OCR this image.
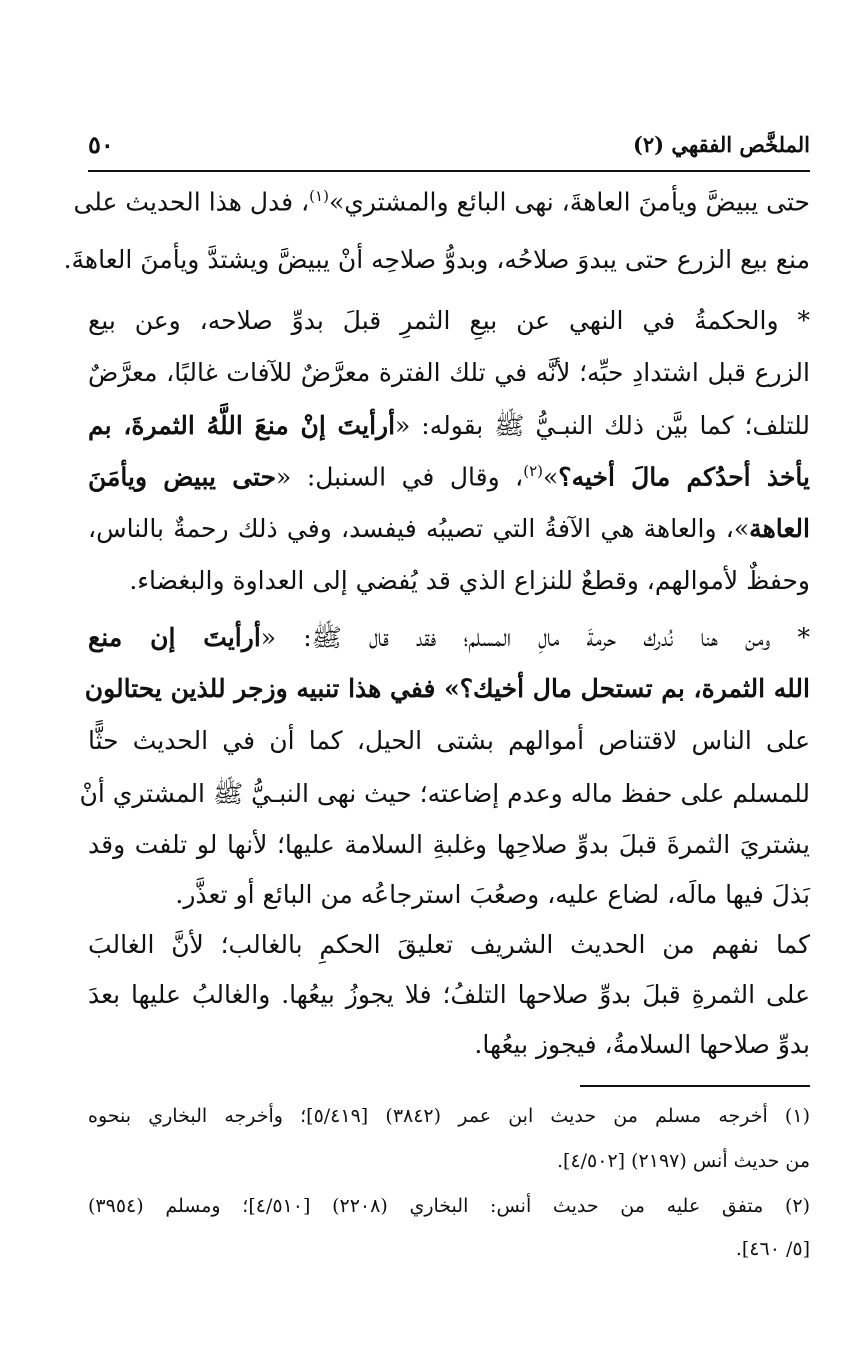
الملخَّص الفقهي (٢)
٥٠
حتى يبيضَّ ويأمنَ العاهةَ، نهى البائع والمشتري»$^{(١)}$، فدل هذا الحديث على
منع بيع الزرع حتى يبدوَ صلاحُه، وبدوُّ صلاحِه أنْ يبيضَّ ويشتدَّ ويأمنَ العاهةَ.
* والحكمةُ في النهي عن بيعِ الثمرِ قبلَ بدوِّ صلاحه، وعن بيع
الزرع قبل اشتدادِ حبِّه؛ لأنَّه في تلك الفترة معرَّضٌ للآفات غالبًا، معرَّضٌ
للتلف؛ كما بيَّن ذلك النبـيُّ ﷺ بقوله: «أرأيتَ إنْ منعَ اللَّهُ الثمرةَ، بم
يأخذ أحدُكم مالَ أخيه؟»$^{(٢)}$، وقال في السنبل: «حتى يبيض ويأمَنَ
العاهة»، والعاهة هي الآفةُ التي تصيبُه فيفسد، وفي ذلك رحمةٌ بالناس،
وحفظٌ لأموالهم، وقطعٌ للنزاع الذي قد يُفضي إلى العداوة والبغضاء.
* ومن هنا نُدرك حرمةَ مالِ المسلم؛ فقد قال ﷺ: «أرأيتَ إن منع
الله الثمرة، بم تستحل مال أخيك؟» ففي هذا تنبيه وزجر للذين يحتالون
على الناس لاقتناص أموالهم بشتى الحيل، كما أن في الحديث حثًّا
للمسلم على حفظ ماله وعدم إضاعته؛ حيث نهى النبـيُّ ﷺ المشتري أنْ
يشتريَ الثمرةَ قبلَ بدوِّ صلاحِها وغلبةِ السلامة عليها؛ لأنها لو تلفت وقد
بَذلَ فيها مالَه، لضاع عليه، وصعُبَ استرجاعُه من البائع أو تعذَّر.
كما نفهم من الحديث الشريف تعليقَ الحكمِ بالغالب؛ لأنَّ الغالبَ
على الثمرةِ قبلَ بدوِّ صلاحها التلفُ؛ فلا يجوزُ بيعُها. والغالبُ عليها بعدَ
بدوِّ صلاحها السلامةُ، فيجوز بيعُها.
(١) أخرجه مسلم من حديث ابن عمر (٣٨٤٢) [٥/٤١٩]؛ وأخرجه البخاري بنحوه
من حديث أنس (٢١٩٧) [٤/٥٠٢].
(٢) متفق عليه من حديث أنس: البخاري (٢٢٠٨) [٤/٥١٠]؛ ومسلم (٣٩٥٤)
[٥/ ٤٦٠].
